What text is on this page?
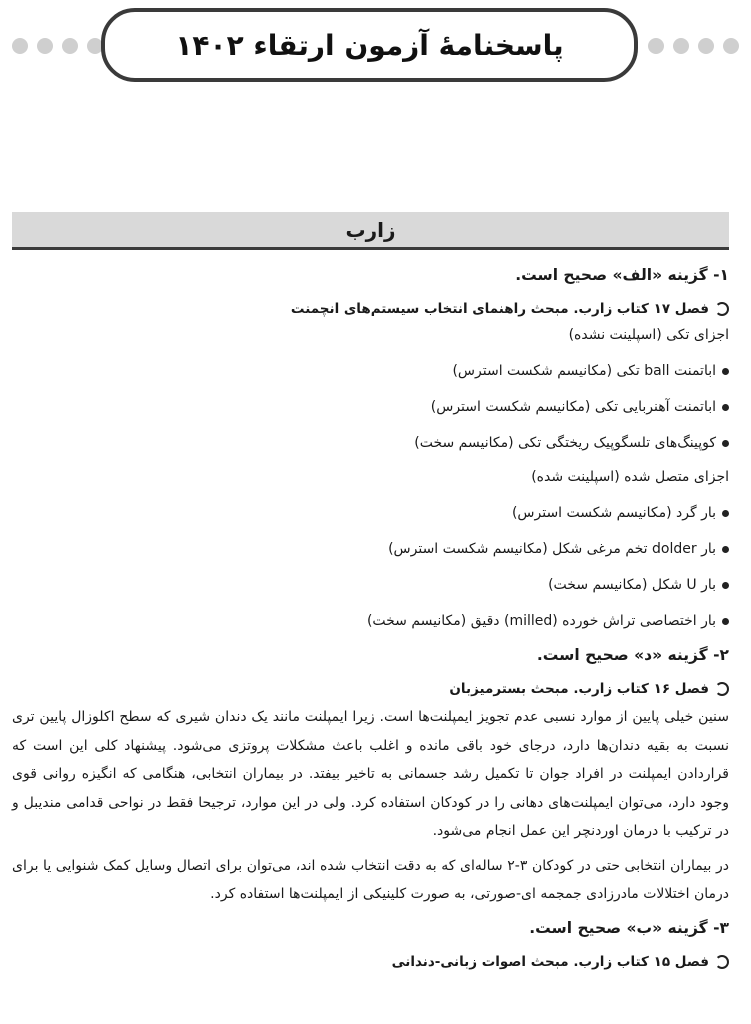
پاسخنامهٔ آزمون ارتقاء ۱۴۰۲
زارب
۱- گزینه «الف» صحیح است.
فصل ۱۷ کتاب زارب. مبحث راهنمای انتخاب سیستم‌های انچمنت
اجزای تکی (اسپلینت نشده)
اباتمنت ball تکی (مکانیسم شکست استرس)
اباتمنت آهنربایی تکی (مکانیسم شکست استرس)
کوپینگ‌های تلسگوپیک ریختگی تکی (مکانیسم سخت)
اجزای متصل شده (اسپلینت شده)
بار گرد (مکانیسم شکست استرس)
بار dolder تخم مرغی شکل (مکانیسم شکست استرس)
بار U شکل (مکانیسم سخت)
بار اختصاصی تراش خورده (milled) دقیق (مکانیسم سخت)
۲- گزینه «د» صحیح است.
فصل ۱۶ کتاب زارب. مبحث بسترمیزبان

سنین خیلی پایین از موارد نسبی عدم تجویز ایمپلنت‌ها است. زیرا ایمپلنت مانند یک دندان شیری که سطح اکلوزال پایین تری نسبت به بقیه دندان‌ها دارد، درجای خود باقی مانده و اغلب باعث مشکلات پروتزی می‌شود. پیشنهاد کلی این است که قراردادن ایمپلنت در افراد جوان تا تکمیل رشد جسمانی به تاخیر بیفتد. در بیماران انتخابی، هنگامی که انگیزه روانی قوی وجود دارد، می‌توان ایمپلنت‌های دهانی را در کودکان استفاده کرد. ولی در این موارد، ترجیحا فقط در نواحی قدامی مندیبل و در ترکیب با درمان اوردنچر این عمل انجام می‌شود.

در بیماران انتخابی حتی در کودکان ۳-۲ ساله‌ای که به دقت انتخاب شده اند، می‌توان برای اتصال وسایل کمک شنوایی یا برای درمان اختلالات مادرزادی جمجمه ای-صورتی، به صورت کلینیکی از ایمپلنت‌ها استفاده کرد.

۳- گزینه «ب» صحیح است.
فصل ۱۵ کتاب زارب. مبحث اصوات زبانی-دندانی
